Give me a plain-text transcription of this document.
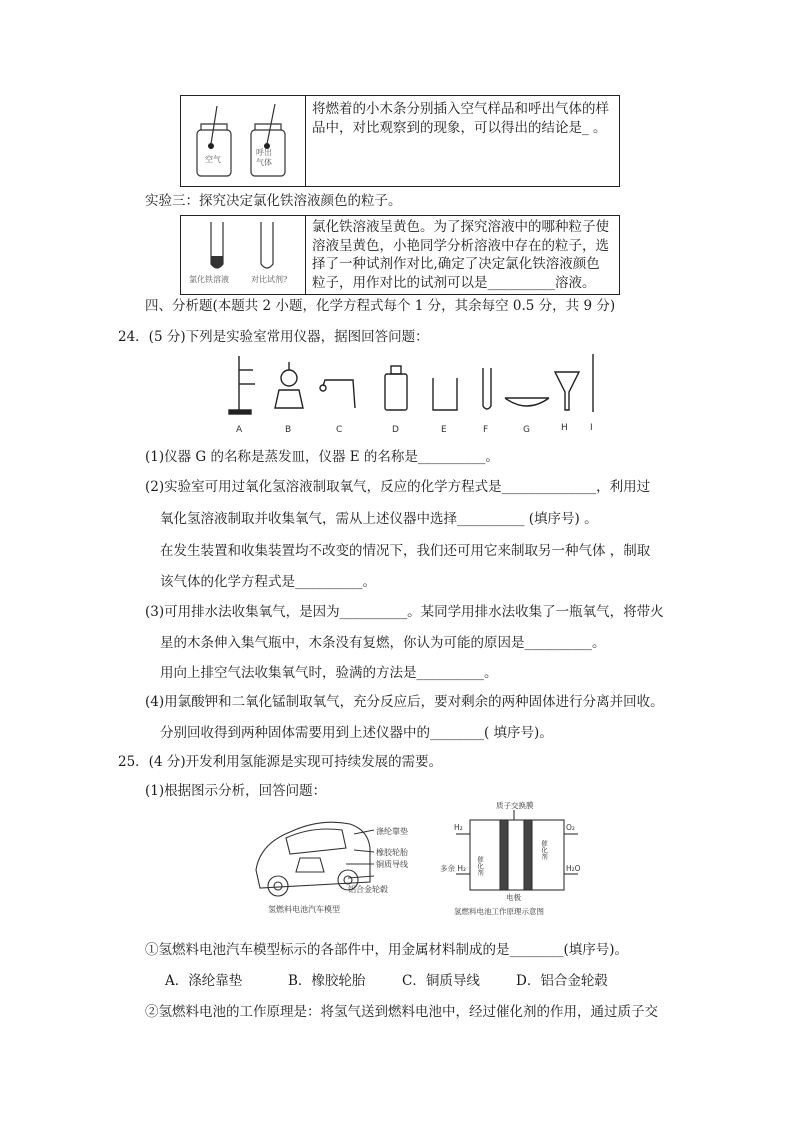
空气
呼出
气体
将燃着的小木条分别插入空气样品和呼出气体的样品中，对比观察到的现象，可以得出的结论是_ 。
实验三：探究决定氯化铁溶液颜色的粒子。
氯化铁溶液	对比试剂?
氯化铁溶液呈黄色。为了探究溶液中的哪种粒子使溶液呈黄色，小艳同学分析溶液中存在的粒子，选择了一种试剂作对比,确定了决定氯化铁溶液颜色粒子，用作对比的试剂可以是__________溶液。
四、分析题(本题共 2 小题，化学方程式每个 1 分，其余每空 0.5 分，共 9 分)
24．(5 分)下列是实验室常用仪器，据图回答问题：
A	B	C	D	E	F	G	H I
(1)仪器 G 的名称是蒸发皿，仪器 E 的名称是__________。
(2)实验室可用过氧化氢溶液制取氧气，反应的化学方程式是______________，利用过
氧化氢溶液制取并收集氧气，需从上述仪器中选择__________ (填序号) 。
在发生装置和收集装置均不改变的情况下，我们还可用它来制取另一种气体 ，制取
该气体的化学方程式是__________。
(3)可用排水法收集氧气，是因为__________。某同学用排水法收集了一瓶氧气，将带火
星的木条伸入集气瓶中，木条没有复燃，你认为可能的原因是__________。
用向上排空气法收集氧气时，验满的方法是__________。
(4)用氯酸钾和二氧化锰制取氧气，充分反应后，要对剩余的两种固体进行分离并回收。
分别回收得到两种固体需要用到上述仪器中的________( 填序号)。
25．(4 分)开发利用氢能源是实现可持续发展的需要。
(1)根据图示分析，回答问题：
涤纶靠垫
橡胶轮胎
铜质导线
铝合金轮毂
氢燃料电池汽车模型
质子交换膜
H₂	O₂
多余 H₂	H₂O
电极
氢燃料电池工作原理示意图
催化剂
催化剂
①氢燃料电池汽车模型标示的各部件中，用金属材料制成的是________(填序号)。
A．涤纶靠垫	B．橡胶轮胎	C．铜质导线	D．铝合金轮毂
②氢燃料电池的工作原理是：将氢气送到燃料电池中，经过催化剂的作用，通过质子交
